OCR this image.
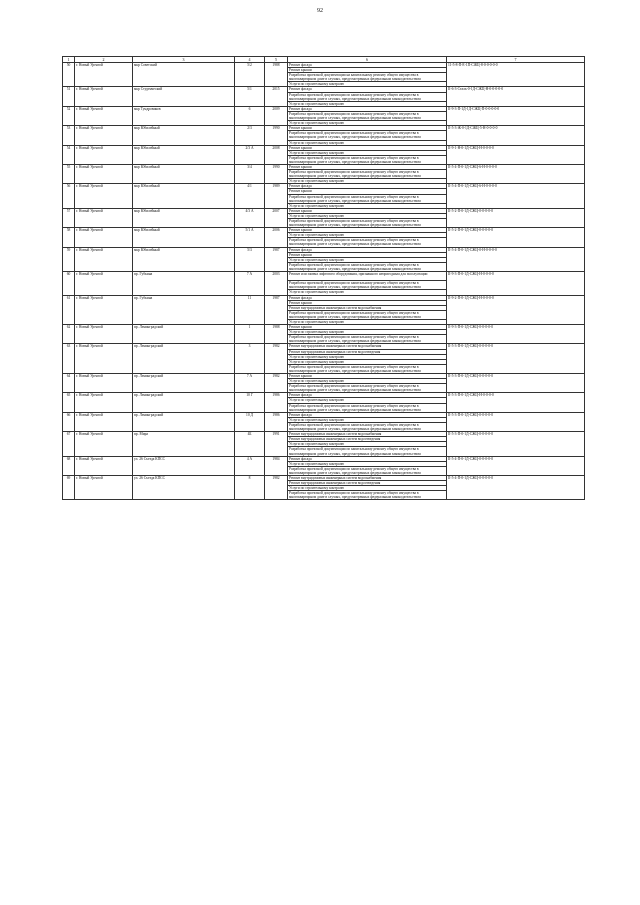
92
1	2	3	4	5	6	7
50	г. Новый Уренгой	мкр Советский	5/2	1988	Ремонт фасада	11-5-8-П-Е-1П-СЖЦ-8-0-0-0-0-0
					Ремонт крыши	
					Разработка проектной документации на капитальному ремонту общего имущества в многоквартирном доме в случаях, предусмотренных федеральным законодательством	
					Услуги по строительному контролю	
51	г. Новый Уренгой	мкр Студенческий	5/1	2015	Ремонт фасада	II-6-3-Сталь-0-1Д-СЖЦ-Н-0-0-0-0-0
					Разработка проектной документации по капитальному ремонту общего имущества в многоквартирном доме в случаях, предусмотренных федеральным законодательством	
					Услуги по строительному контролю	
52	г. Новый Уренгой	мкр Тундровиков	6	2009	Ремонт фасада	II-9-3-П-1Д-1Д-СЖЦ-П-0-0-0-0-0
					Разработка проектной документации по капитальному ремонту общего имущества в многоквартирном доме в случаях, предусмотренных федеральным законодательством	
					Услуги по строительному контролю	
53	г. Новый Уренгой	мкр Юбилейный	2/3	1990	Ремонт крыши	II-5-3-Ж-0-1Д-СЖЦ-5-Н-0-0-0-0
					Разработка проектной документации по капитальному ремонту общего имущества в многоквартирном доме в случаях, предусмотренных федеральным законодательством	
					Услуги по строительному контролю	
54	г. Новый Уренгой	мкр Юбилейный	2/3 А	2008	Ремонт крыши	II-9-1-Н-0-1Д-СЖЦ-Н-0-0-0-0
					Услуги по строительному контролю	
					Разработка проектной документации по капитальному ремонту общего имущества в многоквартирном доме в случаях, предусмотренных федеральным законодательством	
55	г. Новый Уренгой	мкр Юбилейный	3/4	1990	Ремонт крыши	II-5-4-П-0-1Д-СЖЦ-6-Н-0-0-0-0
					Разработка проектной документации по капитальному ремонту общего имущества в многоквартирном доме в случаях, предусмотренных федеральным законодательством	
					Услуги по строительному контролю	
56	г. Новый Уренгой	мкр Юбилейный	4/1	1989	Ремонт фасада	II-5-4-П-0-1Д-СЖЦ-6-Н-0-0-0-0
					Ремонт крыши	
					Разработка проектной документации по капитальному ремонту общего имущества в многоквартирном доме в случаях, предусмотренных федеральным законодательством	
					Услуги по строительному контролю	
57	г. Новый Уренгой	мкр Юбилейный	4/3 А	2007	Ремонт крыши	II-5-2-П-0-1Д-СЖЦ-0-0-0-0-0
					Услуги по строительному контролю	
					Разработка проектной документации по капитальному ремонту общего имущества в многоквартирном доме в случаях, предусмотренных федеральным законодательством	
58	г. Новый Уренгой	мкр Юбилейный	5/1 А	2006	Ремонт крыши	II-5-2-П-0-1Д-СЖЦ-0-0-0-0-0
					Услуги по строительному контролю	
					Разработка проектной документации по капитальному ремонту общего имущества в многоквартирном доме в случаях, предусмотренных федеральным законодательством	
59	г. Новый Уренгой	мкр Юбилейный	5/3	1987	Ремонт фасада	II-5-4-П-0-1Д-СЖЦ-0-Н-0-0-0-0
					Ремонт крыши	
					Услуги по строительному контролю	
					Разработка проектной документации по капитальному ремонту общего имущества в многоквартирном доме в случаях, предусмотренных федеральным законодательством	
60	г. Новый Уренгой	пр. Губкина	7 А	2003	Ремонт или замена лифтового оборудования, признанного непригодным для эксплуатации	II-9-3-П-0-1Д-СЖЦ-Н-0-0-0-0
					Разработка проектной документации по капитальному ремонту общего имущества в многоквартирном доме в случаях, предусмотренных федеральным законодательством	
					Услуги по строительному контролю	
61	г. Новый Уренгой	пр. Губкина	11	1987	Ремонт фасада	II-9-2-П-0-1Д-СЖЦ-Н-0-0-0-0
					Ремонт крыши	
					Ремонт внутридомовых инженерных систем водоснабжения	
					Разработка проектной документации по капитальному ремонту общего имущества в многоквартирном доме в случаях, предусмотренных федеральным законодательством	
					Услуги по строительному контролю	
62	г. Новый Уренгой	пр. Ленинградский	1	1988	Ремонт крыши	II-9-3-П-0-1Д-СЖЦ-0-0-0-0-0
					Услуги по строительному контролю	
					Разработка проектной документации по капитальному ремонту общего имущества в многоквартирном доме в случаях, предусмотренных федеральным законодательством	
63	г. Новый Уренгой	пр. Ленинградский	3	1982	Ремонт внутридомовых инженерных систем водоснабжения	II-5-3-П-0-1Д-СЖЦ-0-0-0-0-0
					Ремонт внутридомовых инженерных систем водоотведения	
					Услуги по строительному контролю	
					Услуги по строительному контролю	
					Разработка проектной документации по капитальному ремонту общего имущества в многоквартирном доме в случаях, предусмотренных федеральным законодательством	
64	г. Новый Уренгой	пр. Ленинградский	7 А	1982	Ремонт крыши	II-5-3-П-0-1Д-СЖЦ-0-0-0-0-0
					Услуги по строительному контролю	
					Разработка проектной документации по капитальному ремонту общего имущества в многоквартирном доме в случаях, предусмотренных федеральным законодательством	
65	г. Новый Уренгой	пр. Ленинградский	10 Г	1986	Ремонт фасада	II-5-3-П-0-1Д-СЖЦ-Н-0-0-0-0
					Услуги по строительному контролю	
					Разработка проектной документации по капитальному ремонту общего имущества в многоквартирном доме в случаях, предусмотренных федеральным законодательством	
66	г. Новый Уренгой	пр. Ленинградский	10 Д	1986	Ремонт фасада	II-5-3-П-0-1Д-СЖЦ-0-0-0-0-0
					Услуги по строительному контролю	
					Разработка проектной документации по капитальному ремонту общего имущества в многоквартирном доме в случаях, предусмотренных федеральным законодательством	
67	г. Новый Уренгой	пр. Мира	4Б	1991	Ремонт внутридомовых инженерных систем водоснабжения	II-5-3-П-0-1Д-СЖЦ-0-0-0-0-0
					Ремонт внутридомовых инженерных систем водоотведения	
					Услуги по строительному контролю	
					Разработка проектной документации по капитальному ремонту общего имущества в многоквартирном доме в случаях, предусмотренных федеральным законодательством	
68	г. Новый Уренгой	ул. 26 Съезда КПСС	4 А	1984	Ремонт фасада	II-5-4-П-0-1Д-СЖЦ-0-0-0-0-0
					Услуги по строительному контролю	
					Разработка проектной документации по капитальному ремонту общего имущества в многоквартирном доме в случаях, предусмотренных федеральным законодательством	
69	г. Новый Уренгой	ул. 26 Съезда КПСС	8	1982	Ремонт внутридомовых инженерных систем водоснабжения	II-5-4-П-0-1Д-СЖЦ-0-0-0-0-0
					Ремонт внутридомовых инженерных систем водоотведения	
					Услуги по строительному контролю	
					Разработка проектной документации по капитальному ремонту общего имущества в многоквартирном доме в случаях, предусмотренных федеральным законодательством	
